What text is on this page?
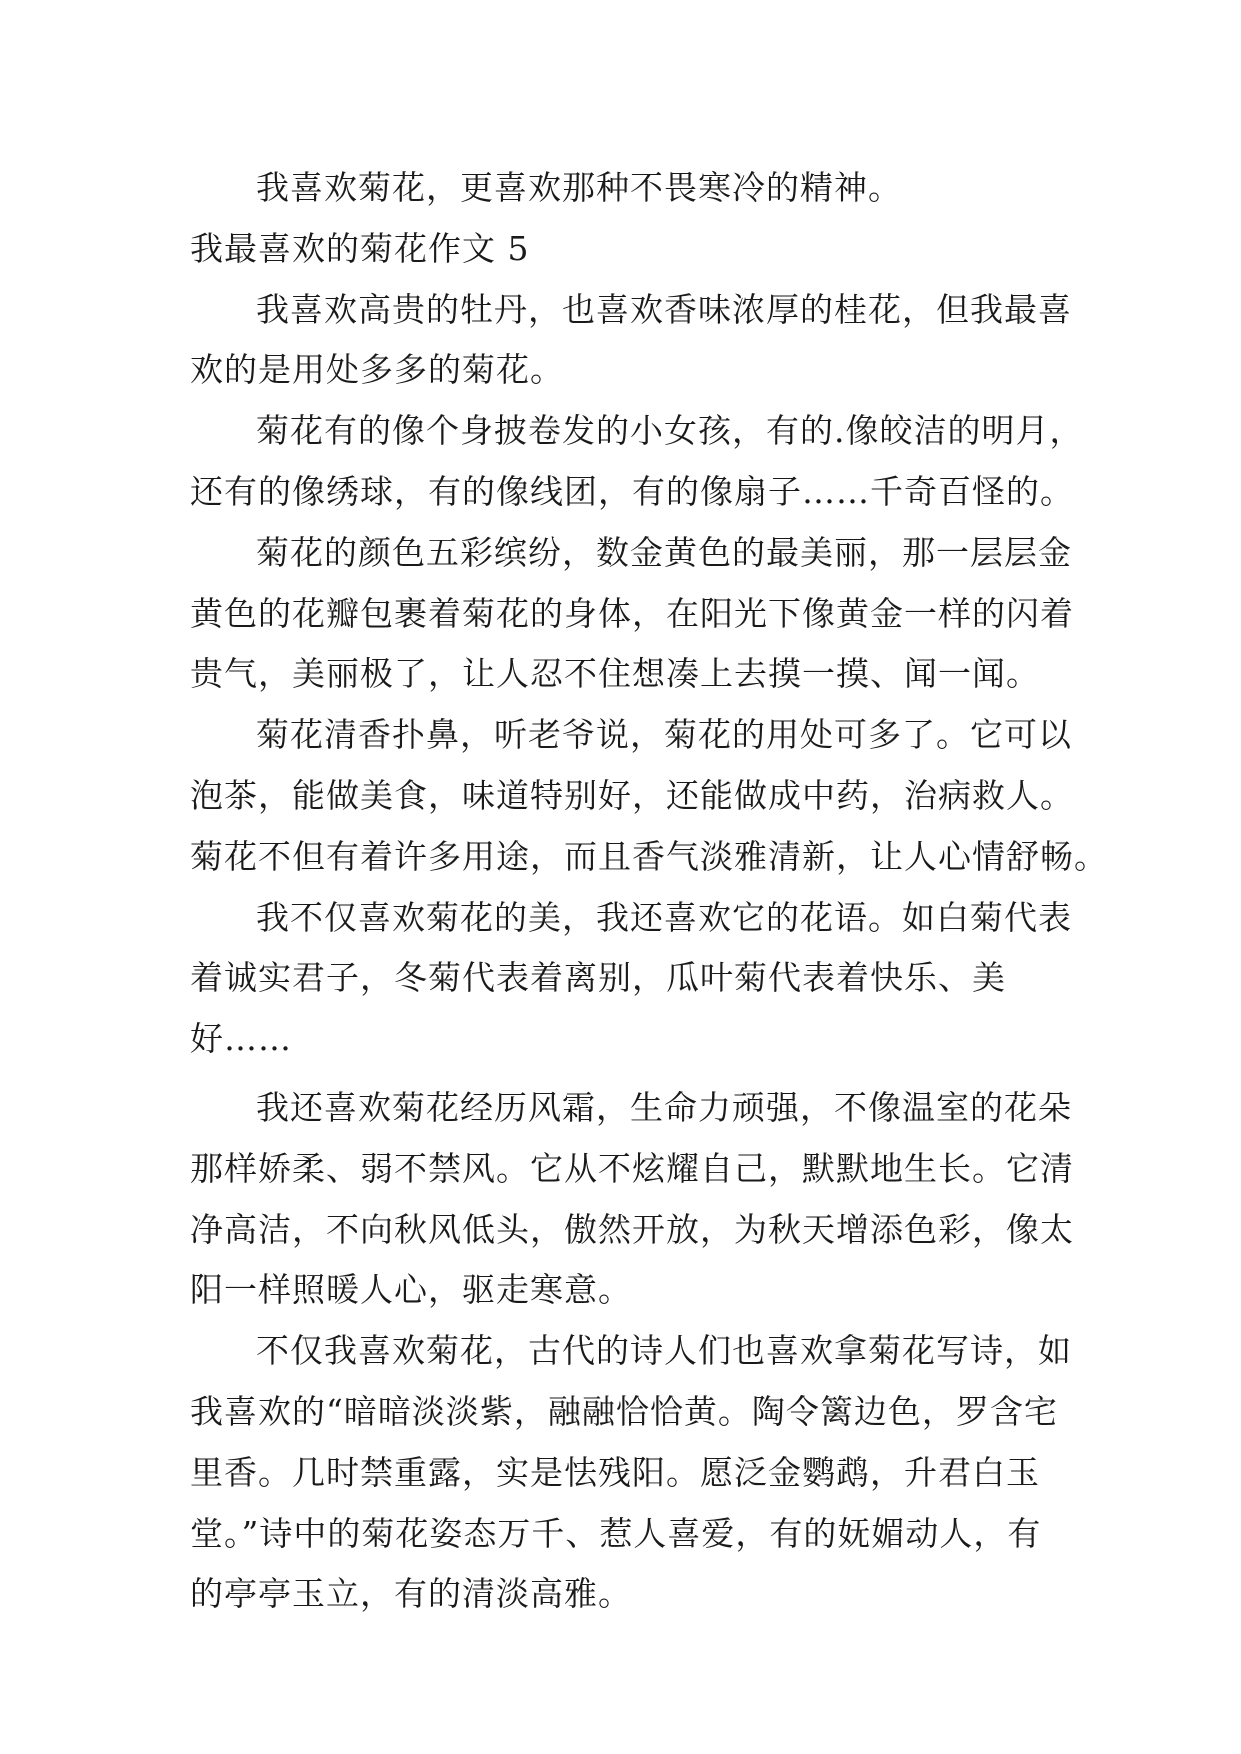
我喜欢菊花，更喜欢那种不畏寒冷的精神。
我最喜欢的菊花作文 5
我喜欢高贵的牡丹，也喜欢香味浓厚的桂花，但我最喜
欢的是用处多多的菊花。
菊花有的像个身披卷发的小女孩，有的.像皎洁的明月，
还有的像绣球，有的像线团，有的像扇子……千奇百怪的。
菊花的颜色五彩缤纷，数金黄色的最美丽，那一层层金
黄色的花瓣包裹着菊花的身体，在阳光下像黄金一样的闪着
贵气，美丽极了，让人忍不住想凑上去摸一摸、闻一闻。
菊花清香扑鼻，听老爷说，菊花的用处可多了。它可以
泡茶，能做美食，味道特别好，还能做成中药，治病救人。
菊花不但有着许多用途，而且香气淡雅清新，让人心情舒畅。
我不仅喜欢菊花的美，我还喜欢它的花语。如白菊代表
着诚实君子，冬菊代表着离别，瓜叶菊代表着快乐、美
好……
我还喜欢菊花经历风霜，生命力顽强，不像温室的花朵
那样娇柔、弱不禁风。它从不炫耀自己，默默地生长。它清
净高洁，不向秋风低头，傲然开放，为秋天增添色彩，像太
阳一样照暖人心，驱走寒意。
不仅我喜欢菊花，古代的诗人们也喜欢拿菊花写诗，如
我喜欢的“暗暗淡淡紫，融融恰恰黄。陶令篱边色，罗含宅
里香。几时禁重露，实是怯残阳。愿泛金鹦鹉，升君白玉
堂。”诗中的菊花姿态万千、惹人喜爱，有的妩媚动人，有
的亭亭玉立，有的清淡高雅。
